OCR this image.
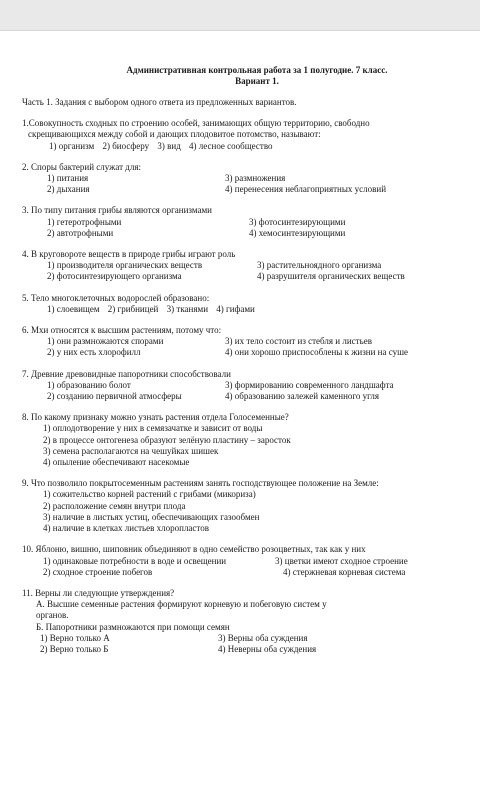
Административная контрольная работа за 1 полугодие. 7 класс.
Вариант 1.
Часть 1. Задания с выбором одного ответа из предложенных вариантов.
1.Совокупность сходных по строению особей, занимающих общую территорию, свободно
скрещивающихся между собой и дающих плодовитое потомство, называют:
1) организм 2) биосферу 3) вид 4) лесное сообщество
2. Споры бактерий служат для:
1) питания	3) размножения
2) дыхания	4) перенесения неблагоприятных условий
3. По типу питания грибы являются организмами
1) гетеротрофными	3) фотосинтезирующими
2) автотрофными	4) хемосинтезирующими
4. В круговороте веществ в природе грибы играют роль
1) производителя органических веществ	3) растительноядного организма
2) фотосинтезирующего организма	4) разрушителя органических веществ
5. Тело многоклеточных водорослей образовано:
1) слоевищем 2) грибницей 3) тканями 4) гифами
6. Мхи относятся к высшим растениям, потому что:
1) они размножаются спорами	3) их тело состоит из стебля и листьев
2) у них есть хлорофилл	4) они хорошо приспособлены к жизни на суше
7. Древние древовидные папоротники способствовали
1) образованию болот	3) формированию современного ландшафта
2) созданию первичной атмосферы	4) образованию залежей каменного угля
8. По какому признаку можно узнать растения отдела Голосеменные?
1) оплодотворение у них в семязачатке и зависит от воды
2) в процессе онтогенеза образуют зелёную пластину – заросток
3) семена располагаются на чешуйках шишек
4) опыление обеспечивают насекомые
9. Что позволило покрытосеменным растениям занять господствующее положение на Земле:
1) сожительство корней растений с грибами (микориза)
2) расположение семян внутри плода
3) наличие в листьях устиц, обеспечивающих газообмен
4) наличие в клетках листьев хлоропластов
10. Яблоню, вишню, шиповник объединяют в одно семейство розоцветных, так как у них
1) одинаковые потребности в воде и освещении	3) цветки имеют сходное строение
2) сходное строение побегов	4) стержневая корневая система
11. Верны ли следующие утверждения?
А. Высшие семенные растения формируют корневую и побеговую систем у
органов.
Б. Папоротники размножаются при помощи семян
1) Верно только А	3) Верны оба суждения
2) Верно только Б	4) Неверны оба суждения
